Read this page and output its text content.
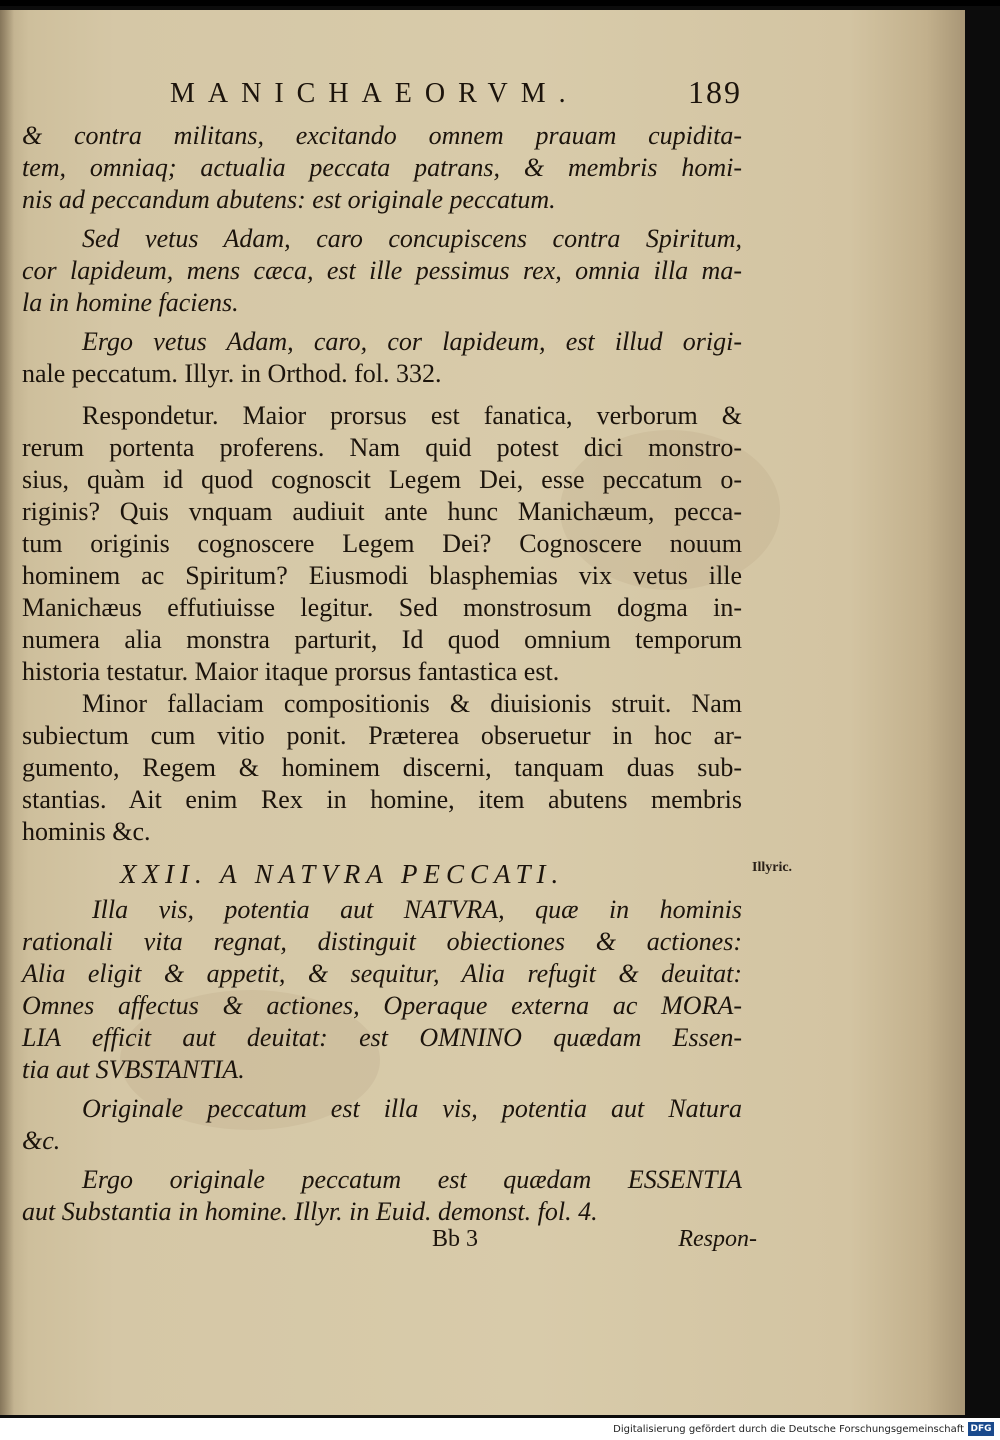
MANICHAEORVM.	189
& contra militans, excitando omnem prauam cupidita-
tem, omniaq; actualia peccata patrans, & membris homi-
nis ad peccandum abutens: est originale peccatum.
Sed vetus Adam, caro concupiscens contra Spiritum,
cor lapideum, mens cæca, est ille pessimus rex, omnia illa ma-
la in homine faciens.
Ergo vetus Adam, caro, cor lapideum, est illud origi-
nale peccatum. Illyr. in Orthod. fol. 332.
Respondetur. Maior prorsus est fanatica, verborum &
rerum portenta proferens. Nam quid potest dici monstro-
sius, quàm id quod cognoscit Legem Dei, esse peccatum o-
riginis? Quis vnquam audiuit ante hunc Manichæum, pecca-
tum originis cognoscere Legem Dei? Cognoscere nouum
hominem ac Spiritum? Eiusmodi blasphemias vix vetus ille
Manichæus effutiuisse legitur. Sed monstrosum dogma in-
numera alia monstra parturit, Id quod omnium temporum
historia testatur. Maior itaque prorsus fantastica est.
Minor fallaciam compositionis & diuisionis struit. Nam
subiectum cum vitio ponit. Præterea obseruetur in hoc ar-
gumento, Regem & hominem discerni, tanquam duas sub-
stantias. Ait enim Rex in homine, item abutens membris
hominis &c.
XXII. A NATVRA PECCATI.
Illa vis, potentia aut NATVRA, quæ in hominis
rationali vita regnat, distinguit obiectiones & actiones:
Alia eligit & appetit, & sequitur, Alia refugit & deuitat:
Omnes affectus & actiones, Operaque externa ac MORA-
LIA efficit aut deuitat: est OMNINO quædam Essen-
tia aut SVBSTANTIA.
Originale peccatum est illa vis, potentia aut Natura
&c.
Ergo originale peccatum est quædam ESSENTIA
aut Substantia in homine. Illyr. in Euid. demonst. fol. 4.
Illyric.
Bb 3	Respon-
Digitalisierung gefördert durch die Deutsche Forschungsgemeinschaft DFG
